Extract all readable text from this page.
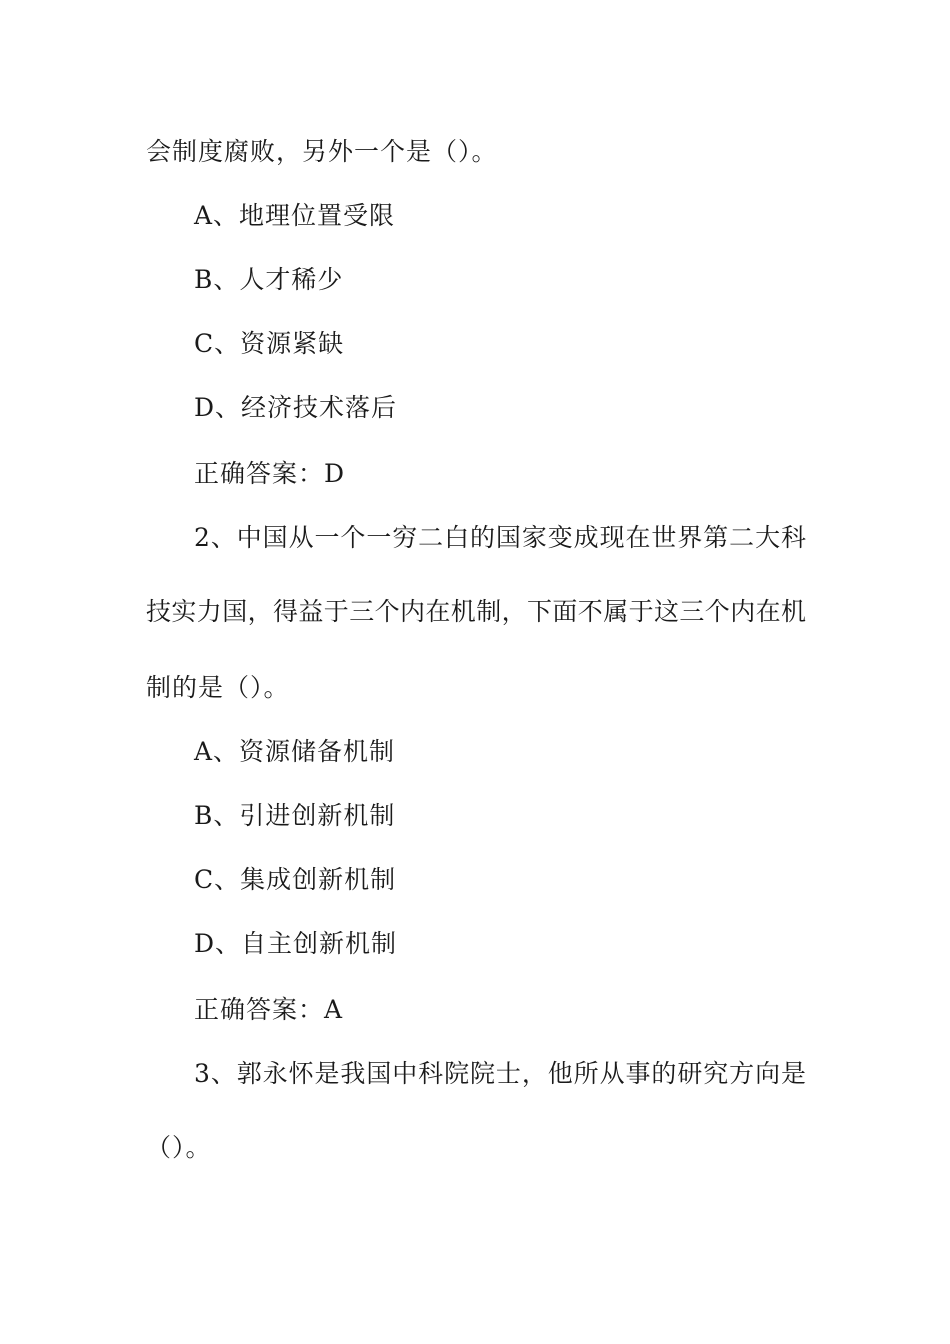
会制度腐败，另外一个是（）。
A、地理位置受限
B、人才稀少
C、资源紧缺
D、经济技术落后
正确答案：D
2、中国从一个一穷二白的国家变成现在世界第二大科
技实力国，得益于三个内在机制，下面不属于这三个内在机
制的是（）。
A、资源储备机制
B、引进创新机制
C、集成创新机制
D、自主创新机制
正确答案：A
3、郭永怀是我国中科院院士，他所从事的研究方向是
（）。
